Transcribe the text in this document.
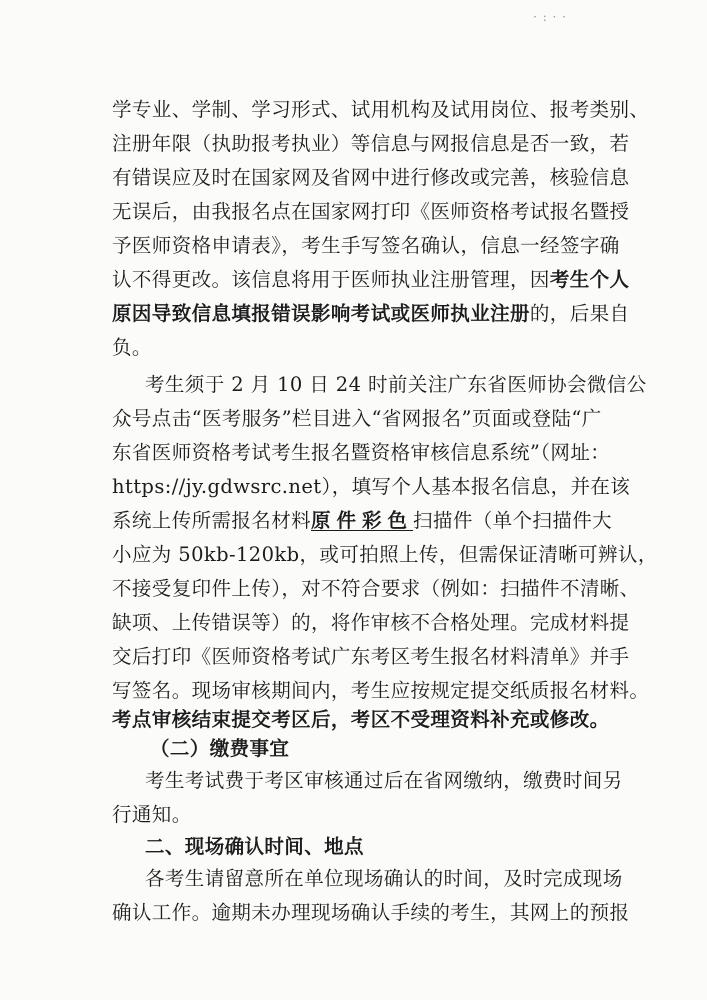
· : · ·
学专业、学制、学习形式、试用机构及试用岗位、报考类别、
注册年限（执助报考执业）等信息与网报信息是否一致，若
有错误应及时在国家网及省网中进行修改或完善，核验信息
无误后，由我报名点在国家网打印《医师资格考试报名暨授
予医师资格申请表》，考生手写签名确认，信息一经签字确
认不得更改。该信息将用于医师执业注册管理，因考生个人
原因导致信息填报错误影响考试或医师执业注册的，后果自
负。
考生须于 2 月 10 日 24 时前关注广东省医师协会微信公
众号点击“医考服务”栏目进入“省网报名”页面或登陆“广
东省医师资格考试考生报名暨资格审核信息系统”（网址：
https://jy.gdwsrc.net），填写个人基本报名信息，并在该
系统上传所需报名材料原件彩色扫描件（单个扫描件大
小应为 50kb-120kb，或可拍照上传，但需保证清晰可辨认，
不接受复印件上传），对不符合要求（例如：扫描件不清晰、
缺项、上传错误等）的，将作审核不合格处理。完成材料提
交后打印《医师资格考试广东考区考生报名材料清单》并手
写签名。现场审核期间内，考生应按规定提交纸质报名材料。
考点审核结束提交考区后，考区不受理资料补充或修改。
（二）缴费事宜
考生考试费于考区审核通过后在省网缴纳，缴费时间另
行通知。
二、现场确认时间、地点
各考生请留意所在单位现场确认的时间，及时完成现场
确认工作。逾期未办理现场确认手续的考生，其网上的预报
